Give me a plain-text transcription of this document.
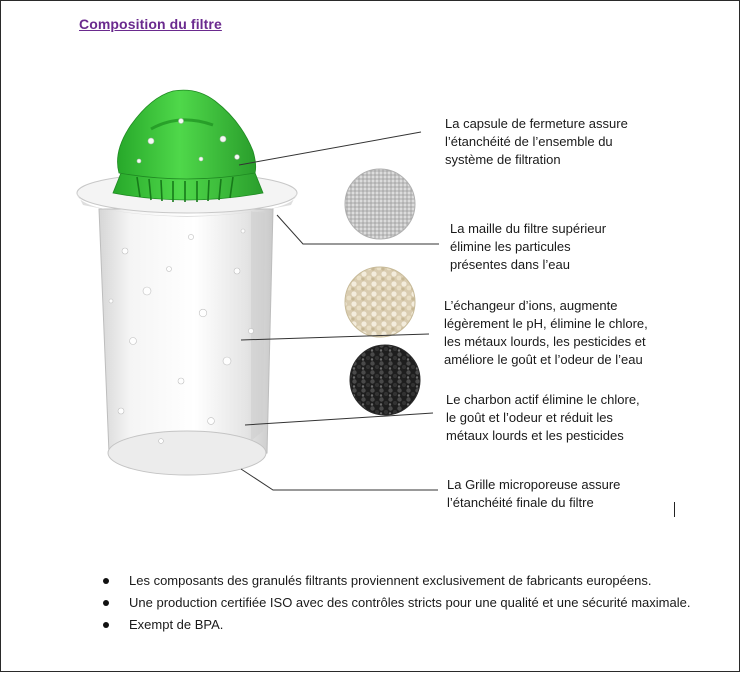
Composition du filtre
La capsule de fermeture assure
l’étanchéité de l’ensemble du
système de filtration
La maille du filtre supérieur
élimine les particules
présentes dans l’eau
L’échangeur d’ions, augmente
légèrement le pH, élimine le chlore,
les métaux lourds, les pesticides et
améliore le goût et l’odeur de l’eau
Le charbon actif élimine le chlore,
le goût et l’odeur et réduit les
métaux lourds et les pesticides
La Grille microporeuse assure
l’étanchéité finale du filtre
Les composants des granulés filtrants proviennent exclusivement de fabricants européens.
Une production certifiée ISO avec des contrôles stricts pour une qualité et une sécurité maximale.
Exempt de BPA.
